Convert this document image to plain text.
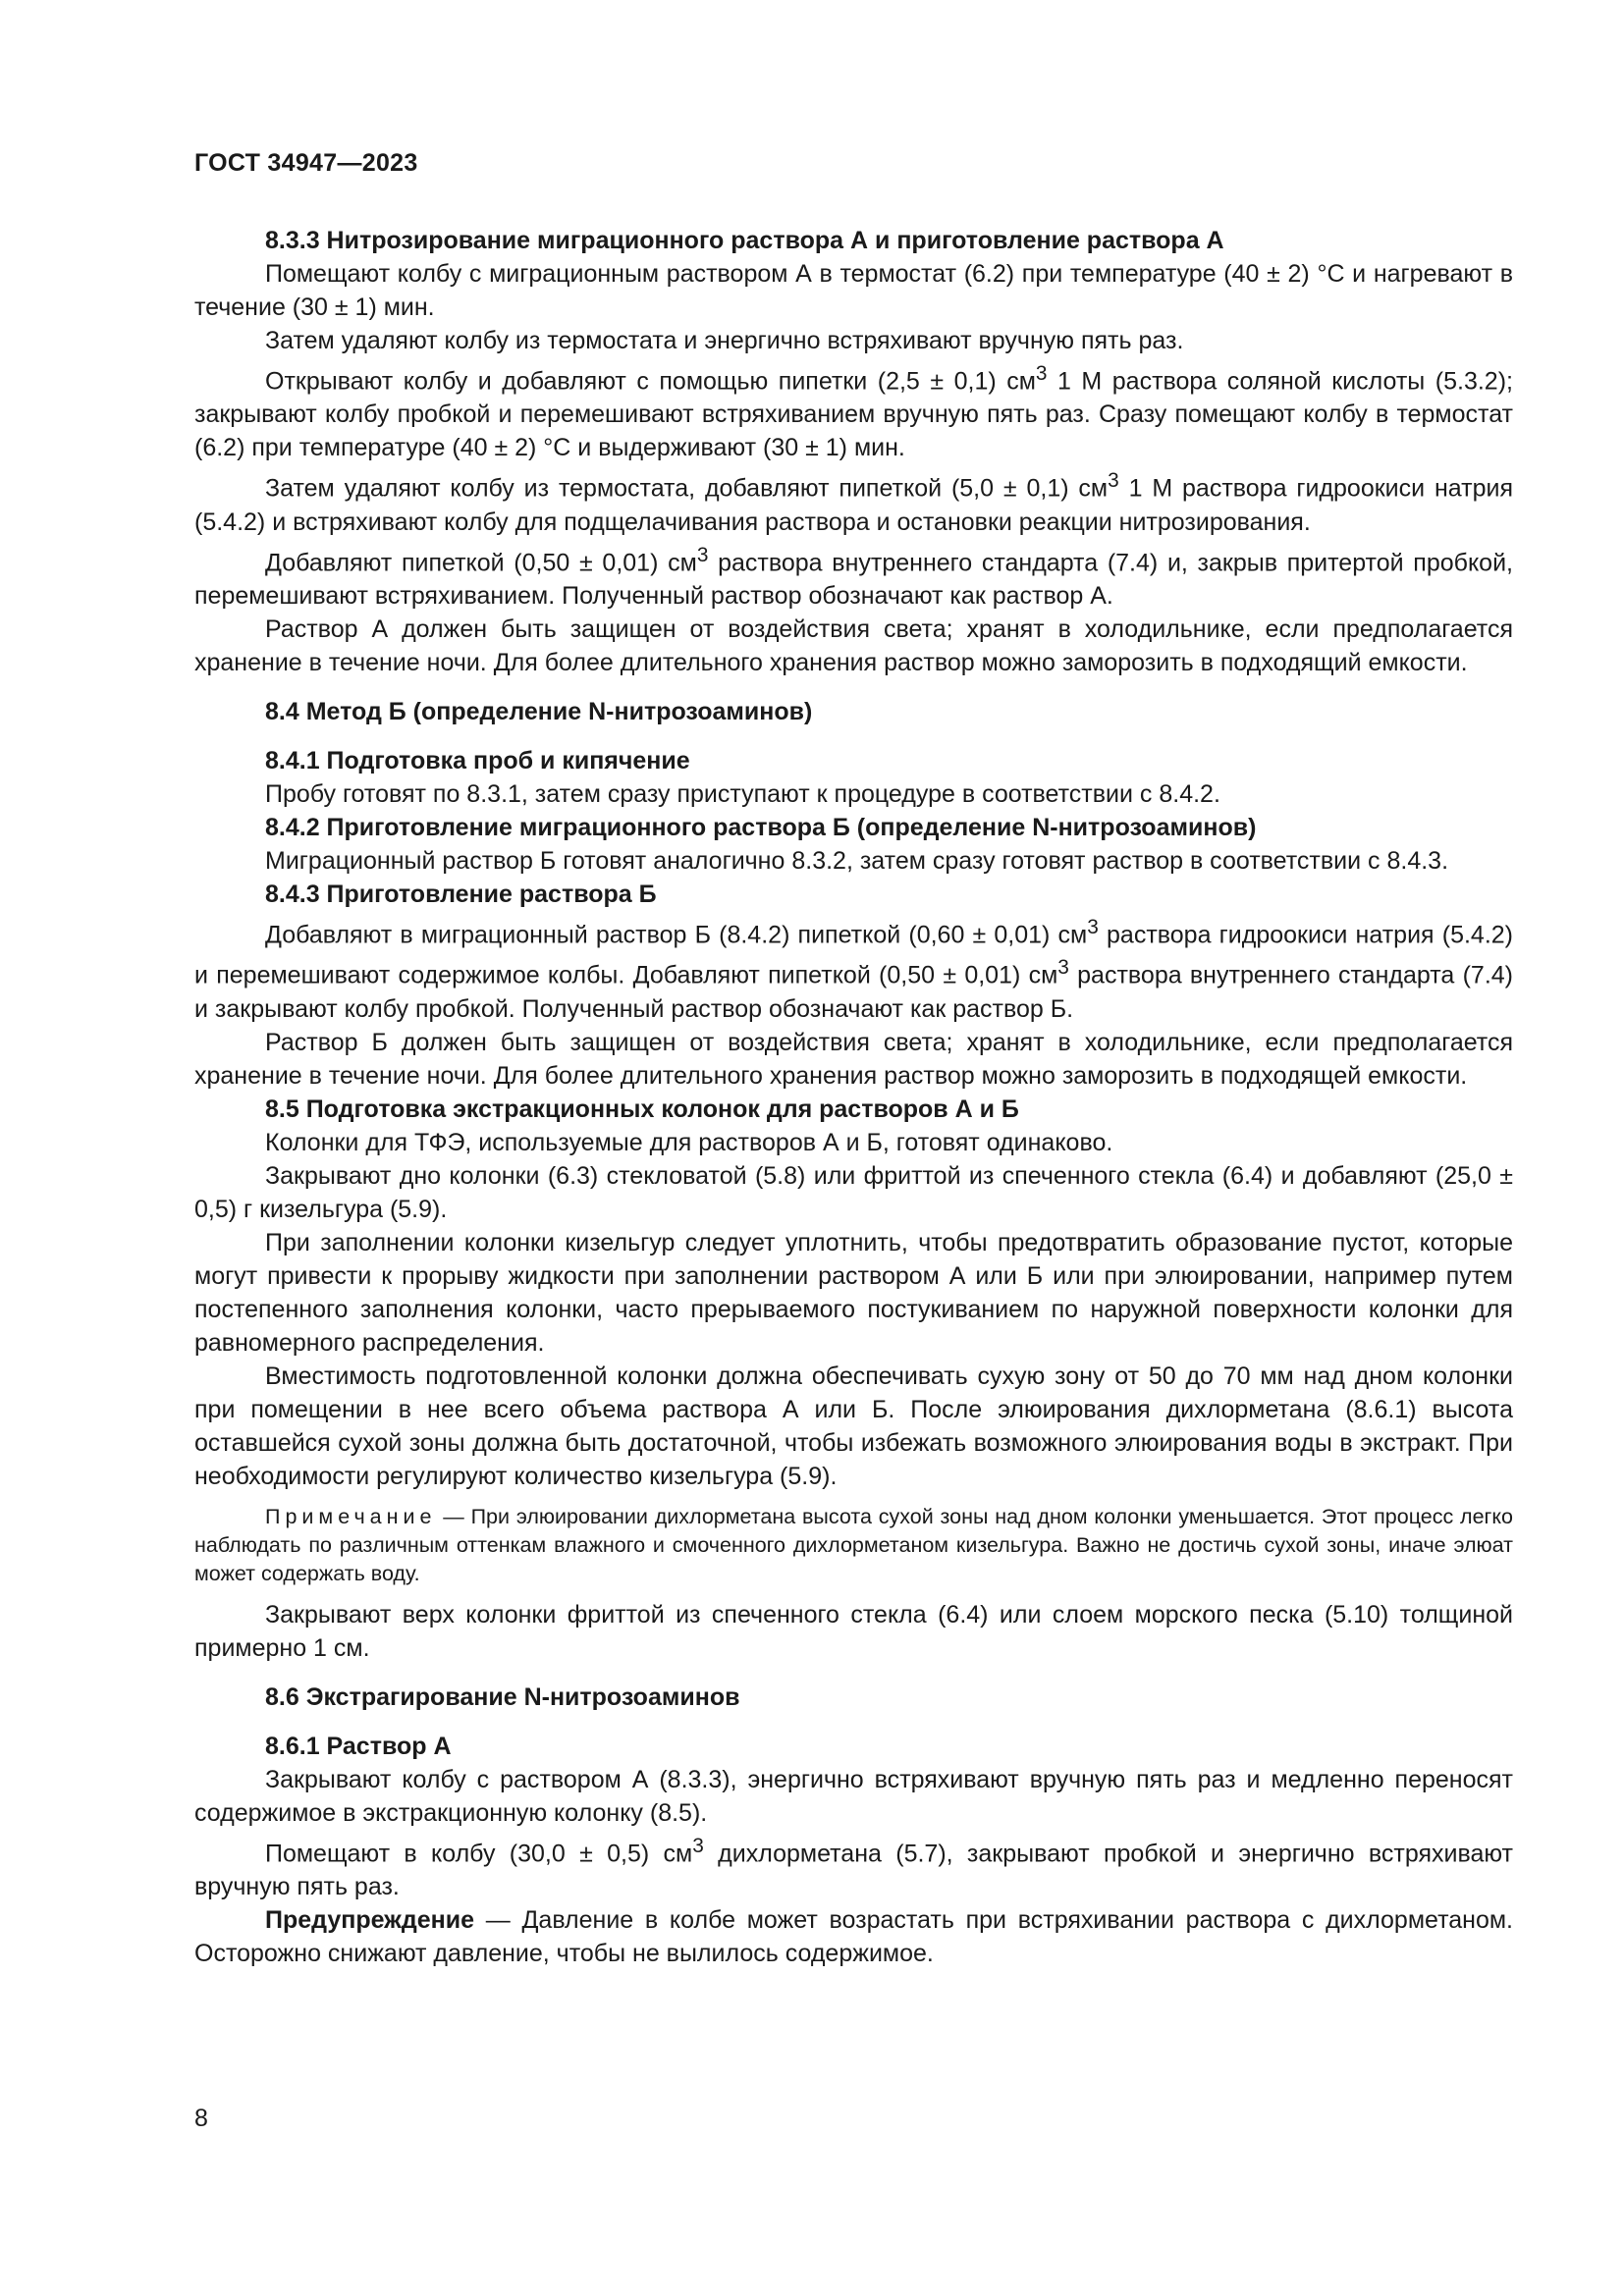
ГОСТ 34947—2023

8.3.3 Нитрозирование миграционного раствора А и приготовление раствора А

Помещают колбу с миграционным раствором А в термостат (6.2) при температуре (40 ± 2) °С и нагревают в течение (30 ± 1) мин.

Затем удаляют колбу из термостата и энергично встряхивают вручную пять раз.

Открывают колбу и добавляют с помощью пипетки (2,5 ± 0,1) $см^3$ 1 М раствора соляной кислоты (5.3.2); закрывают колбу пробкой и перемешивают встряхиванием вручную пять раз. Сразу помещают колбу в термостат (6.2) при температуре (40 ± 2) °С и выдерживают (30 ± 1) мин.

Затем удаляют колбу из термостата, добавляют пипеткой (5,0 ± 0,1) $см^3$ 1 М раствора гидроокиси натрия (5.4.2) и встряхивают колбу для подщелачивания раствора и остановки реакции нитрозирования.

Добавляют пипеткой (0,50 ± 0,01) $см^3$ раствора внутреннего стандарта (7.4) и, закрыв притертой пробкой, перемешивают встряхиванием. Полученный раствор обозначают как раствор А.

Раствор А должен быть защищен от воздействия света; хранят в холодильнике, если предполагается хранение в течение ночи. Для более длительного хранения раствор можно заморозить в подходящий емкости.

8.4 Метод Б (определение N-нитрозоаминов)

8.4.1 Подготовка проб и кипячение

Пробу готовят по 8.3.1, затем сразу приступают к процедуре в соответствии с 8.4.2.

8.4.2 Приготовление миграционного раствора Б (определение N-нитрозоаминов)

Миграционный раствор Б готовят аналогично 8.3.2, затем сразу готовят раствор в соответствии с 8.4.3.

8.4.3 Приготовление раствора Б

Добавляют в миграционный раствор Б (8.4.2) пипеткой (0,60 ± 0,01) $см^3$ раствора гидроокиси натрия (5.4.2) и перемешивают содержимое колбы. Добавляют пипеткой (0,50 ± 0,01) $см^3$ раствора внутреннего стандарта (7.4) и закрывают колбу пробкой. Полученный раствор обозначают как раствор Б.

Раствор Б должен быть защищен от воздействия света; хранят в холодильнике, если предполагается хранение в течение ночи. Для более длительного хранения раствор можно заморозить в подходящей емкости.

8.5 Подготовка экстракционных колонок для растворов А и Б

Колонки для ТФЭ, используемые для растворов А и Б, готовят одинаково.

Закрывают дно колонки (6.3) стекловатой (5.8) или фриттой из спеченного стекла (6.4) и добавляют (25,0 ± 0,5) г кизельгура (5.9).

При заполнении колонки кизельгур следует уплотнить, чтобы предотвратить образование пустот, которые могут привести к прорыву жидкости при заполнении раствором А или Б или при элюировании, например путем постепенного заполнения колонки, часто прерываемого постукиванием по наружной поверхности колонки для равномерного распределения.

Вместимость подготовленной колонки должна обеспечивать сухую зону от 50 до 70 мм над дном колонки при помещении в нее всего объема раствора А или Б. После элюирования дихлорметана (8.6.1) высота оставшейся сухой зоны должна быть достаточной, чтобы избежать возможного элюирования воды в экстракт. При необходимости регулируют количество кизельгура (5.9).

Примечание — При элюировании дихлорметана высота сухой зоны над дном колонки уменьшается. Этот процесс легко наблюдать по различным оттенкам влажного и смоченного дихлорметаном кизельгура. Важно не достичь сухой зоны, иначе элюат может содержать воду.

Закрывают верх колонки фриттой из спеченного стекла (6.4) или слоем морского песка (5.10) толщиной примерно 1 см.

8.6 Экстрагирование N-нитрозоаминов

8.6.1 Раствор А

Закрывают колбу с раствором А (8.3.3), энергично встряхивают вручную пять раз и медленно переносят содержимое в экстракционную колонку (8.5).

Помещают в колбу (30,0 ± 0,5) $см^3$ дихлорметана (5.7), закрывают пробкой и энергично встряхивают вручную пять раз.

Предупреждение — Давление в колбе может возрастать при встряхивании раствора с дихлорметаном. Осторожно снижают давление, чтобы не вылилось содержимое.

8
